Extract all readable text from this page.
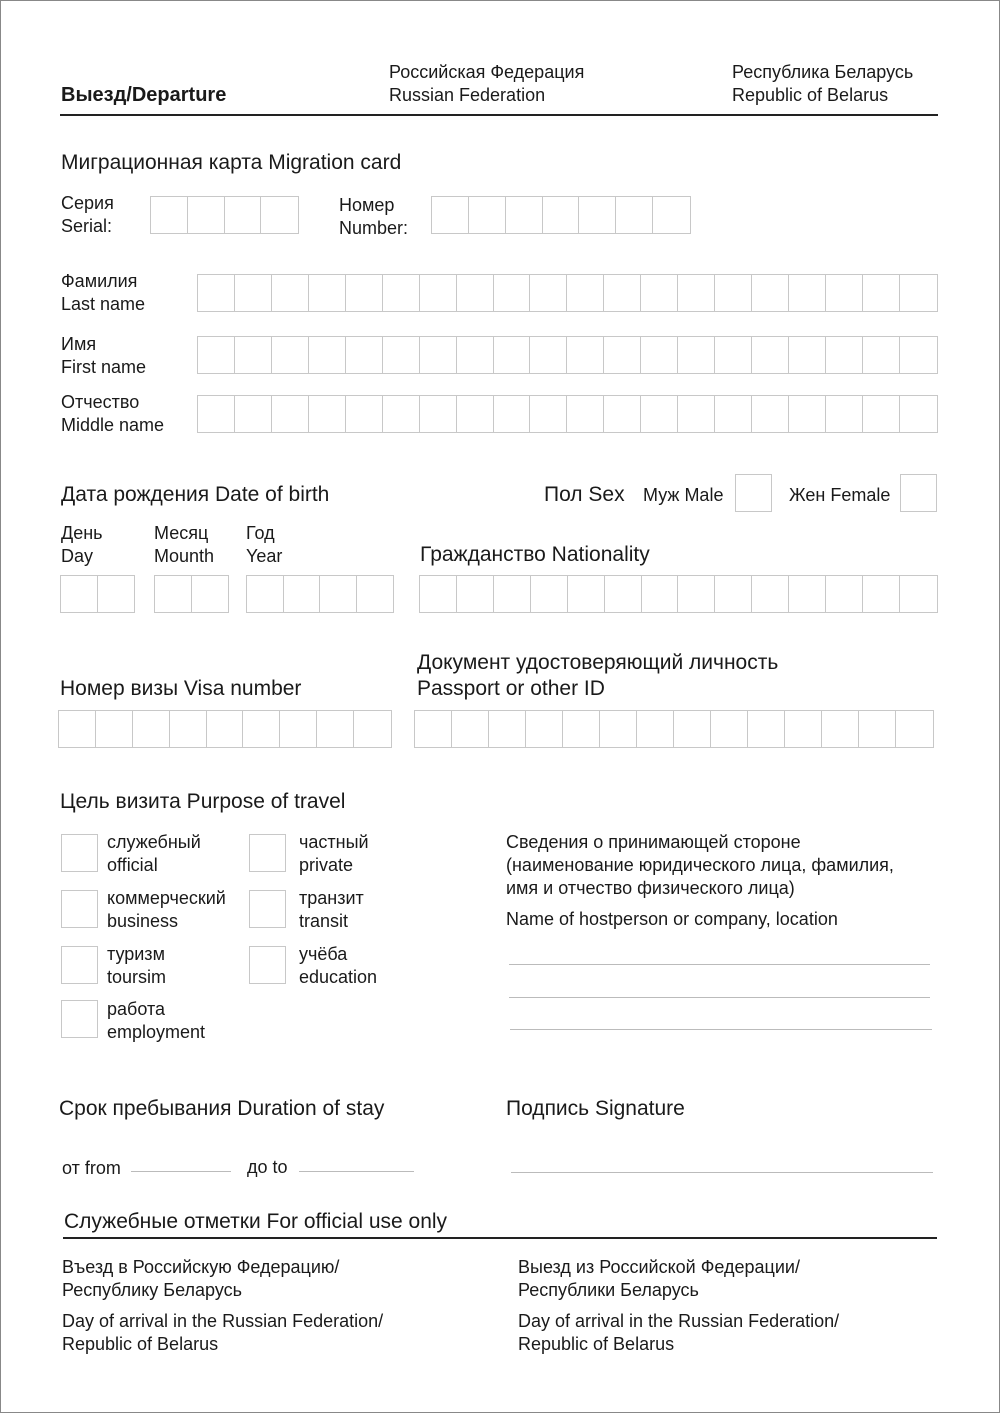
Выезд/Departure
Российская Федерация
Russian Federation
Республика Беларусь
Republic of Belarus
Миграционная карта Migration card
Серия
Serial:
Номер
Number:
Фамилия
Last name
Имя
First name
Отчество
Middle name
Дата рождения Date of birth	Пол Sex Муж Male	Жен Female
День
Day
Месяц
Mounth
Год
Year	Гражданство Nationality
Номер визы Visa number
Документ удостоверяющий личность
Passport or other ID
Цель визита Purpose of travel
служебный
official
частный
private
коммерческий
business
транзит
transit
туризм
toursim
учёба
education
работа
employment
Сведения о принимающей стороне
(наименование юридического лица, фамилия,
имя и отчество физического лица)
Name of hostperson or company, location
Срок пребывания Duration of stay
от from	до to
Подпись Signature
Служебные отметки For official use only
Въезд в Российскую Федерацию/
Республику Беларусь
Day of arrival in the Russian Federation/
Republic of Belarus
Выезд из Российской Федерации/
Республики Беларусь
Day of arrival in the Russian Federation/
Republic of Belarus
